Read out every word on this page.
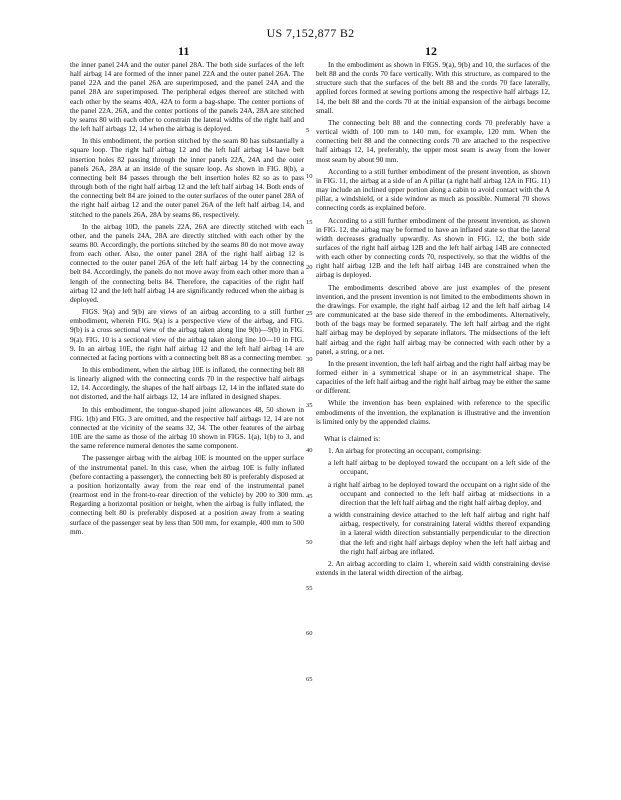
US 7,152,877 B2
11	12

the inner panel 24A and the outer panel 28A. The both side surfaces of the left half airbag 14 are formed of the inner panel 22A and the outer panel 26A. The panel 22A and the panel 26A are superimposed, and the panel 24A and the panel 28A are superimposed. The peripheral edges thereof are stitched with each other by the seams 40A, 42A to form a bag-shape. The center portions of the panel 22A, 26A, and the center portions of the panels 24A, 28A are stitched by seams 80 with each other to constrain the lateral widths of the right half and the left half airbags 12, 14 when the airbag is deployed.

In this embodiment, the portion stitched by the seam 80 has substantially a square loop. The right half airbag 12 and the left half airbag 14 have belt insertion holes 82 passing through the inner panels 22A, 24A and the outer panels 26A, 28A at an inside of the square loop. As shown in FIG. 8(b), a connecting belt 84 passes through the belt insertion holes 82 so as to pass through both of the right half airbag 12 and the left half airbag 14. Both ends of the connecting belt 84 are joined to the outer surfaces of the outer panel 28A of the right half airbag 12 and the outer panel 26A of the left half airbag 14, and stitched to the panels 26A, 28A by seams 86, respectively.

In the airbag 10D, the panels 22A, 26A are directly stitched with each other, and the panels 24A, 28A are directly stitched with each other by the seams 80. Accordingly, the portions stitched by the seams 80 do not move away from each other. Also, the outer panel 28A of the right half airbag 12 is connected to the outer panel 26A of the left half airbag 14 by the connecting belt 84. Accordingly, the panels do not move away from each other more than a length of the connecting belts 84. Therefore, the capacities of the right half airbag 12 and the left half airbag 14 are significantly reduced when the airbag is deployed.

FIGS. 9(a) and 9(b) are views of an airbag according to a still further embodiment, wherein FIG. 9(a) is a perspective view of the airbag, and FIG. 9(b) is a cross sectional view of the airbag taken along line 9(b)—9(b) in FIG. 9(a). FIG. 10 is a sectional view of the airbag taken along line 10—10 in FIG. 9. In an airbag 10E, the right half airbag 12 and the left half airbag 14 are connected at facing portions with a connecting belt 88 as a connecting member.

In this embodiment, when the airbag 10E is inflated, the connecting belt 88 is linearly aligned with the connecting cords 70 in the respective half airbags 12, 14. Accordingly, the shapes of the half airbags 12, 14 in the inflated state do not distorted, and the half airbags 12, 14 are inflated in designed shapes.

In this embodiment, the tongue-shaped joint allowances 48, 50 shown in FIG. 1(b) and FIG. 3 are omitted, and the respective half airbags 12, 14 are not connected at the vicinity of the seams 32, 34. The other features of the airbag 10E are the same as those of the airbag 10 shown in FIGS. 1(a), 1(b) to 3, and the same reference numeral denotes the same component.

The passenger airbag with the airbag 10E is mounted on the upper surface of the instrumental panel. In this case, when the airbag 10E is fully inflated (before contacting a passenger), the connecting belt 80 is preferably disposed at a position horizontally away from the rear end of the instrumental panel (rearmost end in the front-to-rear direction of the vehicle) by 200 to 300 mm. Regarding a horizontal position or height, when the airbag is fully inflated, the connecting belt 80 is preferably disposed at a position away from a seating surface of the passenger seat by less than 500 mm, for example, 400 mm to 500 mm.

5
10
15
20
25
30
35
40
45
50
55
60
65

In the embodiment as shown in FIGS. 9(a), 9(b) and 10, the surfaces of the belt 88 and the cords 70 face vertically. With this structure, as compared to the structure such that the surfaces of the belt 88 and the cords 70 face laterally, applied forces formed at sewing portions among the respective half airbags 12, 14, the belt 88 and the cords 70 at the initial expansion of the airbags become small.

The connecting belt 88 and the connecting cords 70 preferably have a vertical width of 100 mm to 140 mm, for example, 120 mm. When the connecting belt 88 and the connecting cords 70 are attached to the respective half airbags 12, 14, preferably, the upper most seam is away from the lower most seam by about 90 mm.

According to a still further embodiment of the present invention, as shown in FIG. 11, the airbag at a side of an A pillar (a right half airbag 12A in FIG. 11) may include an inclined upper portion along a cabin to avoid contact with the A pillar, a windshield, or a side window as much as possible. Numeral 70 shows connecting cords as explained before.

According to a still further embodiment of the present invention, as shown in FIG. 12, the airbag may be formed to have an inflated state so that the lateral width decreases gradually upwardly. As shown in FIG. 12, the both side surfaces of the right half airbag 12B and the left half airbag 14B are connected with each other by connecting cords 70, respectively, so that the widths of the right half airbag 12B and the left half airbag 14B are constrained when the airbag is deployed.

The embodiments described above are just examples of the present invention, and the present invention is not limited to the embodiments shown in the drawings. For example, the right half airbag 12 and the left half airbag 14 are communicated at the base side thereof in the embodiments. Alternatively, both of the bags may be formed separately. The left half airbag and the right half airbag may be deployed by separate inflators. The midsections of the left half airbag and the right half airbag may be connected with each other by a panel, a string, or a net.

In the present invention, the left half airbag and the right half airbag may be formed either in a symmetrical shape or in an asymmetrical shape. The capacities of the left half airbag and the right half airbag may be either the same or different.

While the invention has been explained with reference to the specific embodiments of the invention, the explanation is illustrative and the invention is limited only by the appended claims.

What is claimed is:

1. An airbag for protecting an occupant, comprising:

a left half airbag to be deployed toward the occupant on a left side of the occupant,

a right half airbag to be deployed toward the occupant on a right side of the occupant and connected to the left half airbag at midsections in a direction that the left half airbag and the right half airbag deploy, and

a width constraining device attached to the left half airbag and right half airbag, respectively, for constraining lateral widths thereof expanding in a lateral width direction substantially perpendicular to the direction that the left and right half airbags deploy when the left half airbag and the right half airbag are inflated.

2. An airbag according to claim 1, wherein said width constraining devise extends in the lateral width direction of the airbag.
